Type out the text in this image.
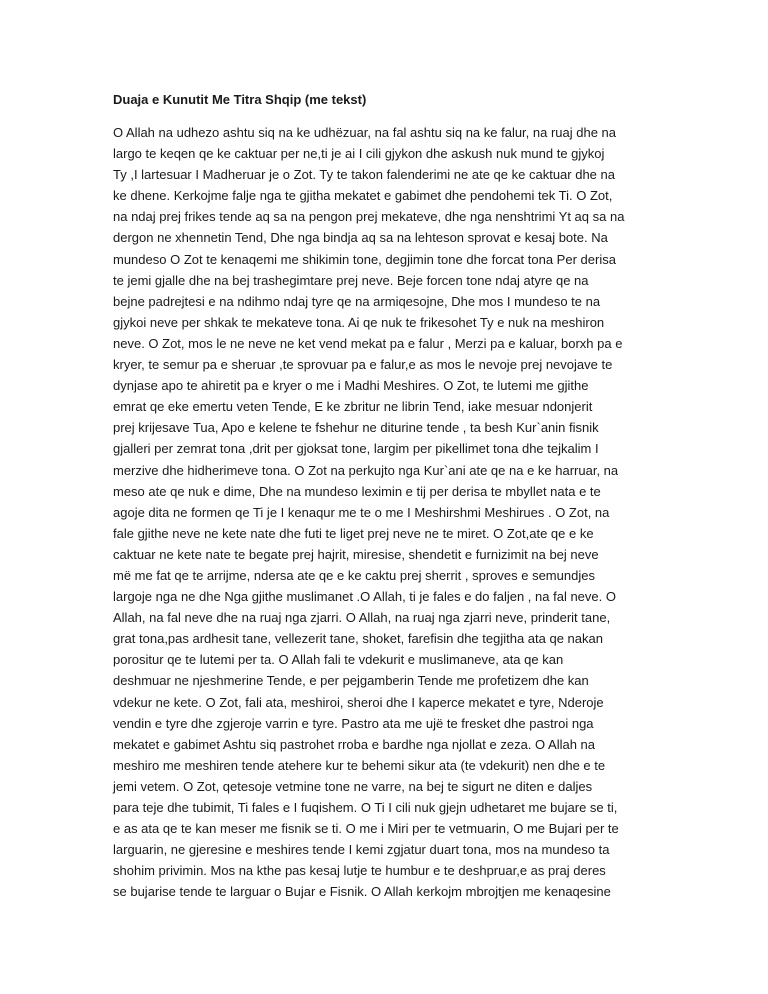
Duaja e Kunutit Me Titra Shqip (me tekst)
O Allah na udhezo ashtu siq na ke udhëzuar, na fal ashtu siq na ke falur, na ruaj dhe na
largo te keqen qe ke caktuar per ne,ti je ai I cili gjykon dhe askush nuk mund te gjykoj
Ty ,I lartesuar I Madheruar je o Zot. Ty te takon falenderimi ne ate qe ke caktuar dhe na
ke dhene. Kerkojme falje nga te gjitha mekatet e gabimet dhe pendohemi tek Ti. O Zot,
na ndaj prej frikes tende aq sa na pengon prej mekateve, dhe nga nenshtrimi Yt aq sa na
dergon ne xhennetin Tend, Dhe nga bindja aq sa na lehteson sprovat e kesaj bote. Na
mundeso O Zot te kenaqemi me shikimin tone, degjimin tone dhe forcat tona Per derisa
te jemi gjalle dhe na bej trashegimtare prej neve. Beje forcen tone ndaj atyre qe na
bejne padrejtesi e na ndihmo ndaj tyre qe na armiqesojne, Dhe mos I mundeso te na
gjykoi neve per shkak te mekateve tona. Ai qe nuk te frikesohet Ty e nuk na meshiron
neve. O Zot, mos le ne neve ne ket vend mekat pa e falur , Merzi pa e kaluar, borxh pa e
kryer, te semur pa e sheruar ,te sprovuar pa e falur,e as mos le nevoje prej nevojave te
dynjase apo te ahiretit pa e kryer o me i Madhi Meshires. O Zot, te lutemi me gjithe
emrat qe eke emertu veten Tende, E ke zbritur ne librin Tend, iake mesuar ndonjerit
prej krijesave Tua, Apo e kelene te fshehur ne diturine tende , ta besh Kur`anin fisnik
gjalleri per zemrat tona ,drit per gjoksat tone, largim per pikellimet tona dhe tejkalim I
merzive dhe hidherimeve tona. O Zot na perkujto nga Kur`ani ate qe na e ke harruar, na
meso ate qe nuk e dime, Dhe na mundeso leximin e tij per derisa te mbyllet nata e te
agoje dita ne formen qe Ti je I kenaqur me te o me I Meshirshmi Meshirues . O Zot, na
fale gjithe neve ne kete nate dhe futi te liget prej neve ne te miret. O Zot,ate qe e ke
caktuar ne kete nate te begate prej hajrit, miresise, shendetit e furnizimit na bej neve
më me fat qe te arrijme, ndersa ate qe e ke caktu prej sherrit , sproves e semundjes
largoje nga ne dhe Nga gjithe muslimanet .O Allah, ti je fales e do faljen , na fal neve. O
Allah, na fal neve dhe na ruaj nga zjarri. O Allah, na ruaj nga zjarri neve, prinderit tane,
grat tona,pas ardhesit tane, vellezerit tane, shoket, farefisin dhe tegjitha ata qe nakan
porositur qe te lutemi per ta. O Allah fali te vdekurit e muslimaneve, ata qe kan
deshmuar ne njeshmerine Tende, e per pejgamberin Tende me profetizem dhe kan
vdekur ne kete. O Zot, fali ata, meshiroi, sheroi dhe I kaperce mekatet e tyre, Nderoje
vendin e tyre dhe zgjeroje varrin e tyre. Pastro ata me ujë te fresket dhe pastroi nga
mekatet e gabimet Ashtu siq pastrohet rroba e bardhe nga njollat e zeza. O Allah na
meshiro me meshiren tende atehere kur te behemi sikur ata (te vdekurit) nen dhe e te
jemi vetem. O Zot, qetesoje vetmine tone ne varre, na bej te sigurt ne diten e daljes
para teje dhe tubimit, Ti fales e I fuqishem. O Ti I cili nuk gjejn udhetaret me bujare se ti,
e as ata qe te kan meser me fisnik se ti. O me i Miri per te vetmuarin, O me Bujari per te
larguarin, ne gjeresine e meshires tende I kemi zgjatur duart tona, mos na mundeso ta
shohim privimin. Mos na kthe pas kesaj lutje te humbur e te deshpruar,e as praj deres
se bujarise tende te larguar o Bujar e Fisnik. O Allah kerkojm mbrojtjen me kenaqesine
